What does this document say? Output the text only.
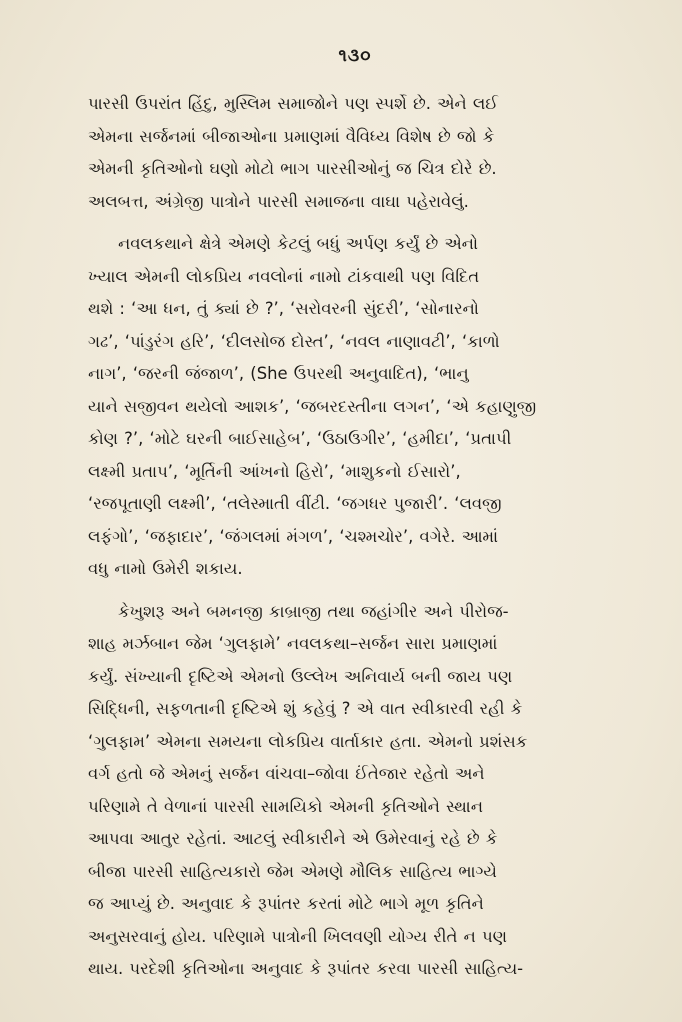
૧૩૦
પારસી ઉપરાંત હિંદુ, મુસ્લિમ સમાજોને પણ સ્પર્શે છે. એને લઈ
એમના સર્જનમાં બીજાઓના પ્રમાણમાં વૈવિધ્ય વિશેષ છે જો કે
એમની કૃતિઓનો ઘણો મોટો ભાગ પારસીઓનું જ ચિત્ર દોરે છે.
અલબત્ત, અંગ્રેજી પાત્રોને પારસી સમાજના વાઘા પહેરાવેલું.
નવલકથાને ક્ષેત્રે એમણે કેટલું બધું અર્પણ કર્યું છે એનો
ખ્યાલ એમની લોકપ્રિય નવલોનાં નામો ટાંકવાથી પણ વિદિત
થશે : ‘આ ધન, તું ક્યાં છે ?’, ‘સરોવરની સુંદરી’, ‘સોનારનો
ગઢ’, ‘પાંડુરંગ હરિ’, ‘દીલસોજ દોસ્ત’, ‘નવલ નાણાવટી’, ‘કાળો
નાગ’, ‘જરની જંજાળ’, (She ઉપરથી અનુવાદિત), ‘ભાનુ
યાને સજીવન થયેલો આશક’, ‘જબરદસ્તીના લગન’, ‘એ કહાણુજી
કોણ ?’, ‘મોટે ઘરની બાઈસાહેબ’, ‘ઉઠાઉગીર’, ‘હમીદા’, ‘પ્રતાપી
લક્ષ્મી પ્રતાપ’, ‘મૂર્તિની આંખનો હિરો’, ‘માશુકનો ઈસારો’,
‘રજપૂતાણી લક્ષ્મી’, ‘તલેસ્માતી વીંટી. ‘જગધર પુજારી’. ‘લવજી
લફંગો’, ‘જફાદાર’, ‘જંગલમાં મંગળ’, ‘ચશ્મચોર’, વગેરે. આમાં
વધુ નામો ઉમેરી શકાય.
કેખુશરૂ અને બમનજી કાબ્રાજી તથા જહાંગીર અને પીરોજ-
શાહ મર્ઝબાન જેમ ‘ગુલફામે’ નવલકથા–સર્જન સારા પ્રમાણમાં
કર્યું. સંખ્યાની દૃષ્ટિએ એમનો ઉલ્લેખ અનિવાર્ય બની જાય પણ
સિદ્ધિની, સફળતાની દૃષ્ટિએ શું કહેવું ? એ વાત સ્વીકારવી રહી કે
‘ગુલફામ’ એમના સમયના લોકપ્રિય વાર્તાકાર હતા. એમનો પ્રશંસક
વર્ગ હતો જે એમનું સર્જન વાંચવા–જોવા ઈંતેજાર રહેતો અને
પરિણામે તે વેળાનાં પારસી સામયિકો એમની કૃતિઓને સ્થાન
આપવા આતુર રહેતાં. આટલું સ્વીકારીને એ ઉમેરવાનું રહે છે કે
બીજા પારસી સાહિત્યકારો જેમ એમણે મૌલિક સાહિત્ય ભાગ્યે
જ આપ્યું છે. અનુવાદ કે રૂપાંતર કરતાં મોટે ભાગે મૂળ કૃતિને
અનુસરવાનું હોય. પરિણામે પાત્રોની ખિલવણી યોગ્ય રીતે ન પણ
થાય. પરદેશી કૃતિઓના અનુવાદ કે રૂપાંતર કરવા પારસી સાહિત્ય-
